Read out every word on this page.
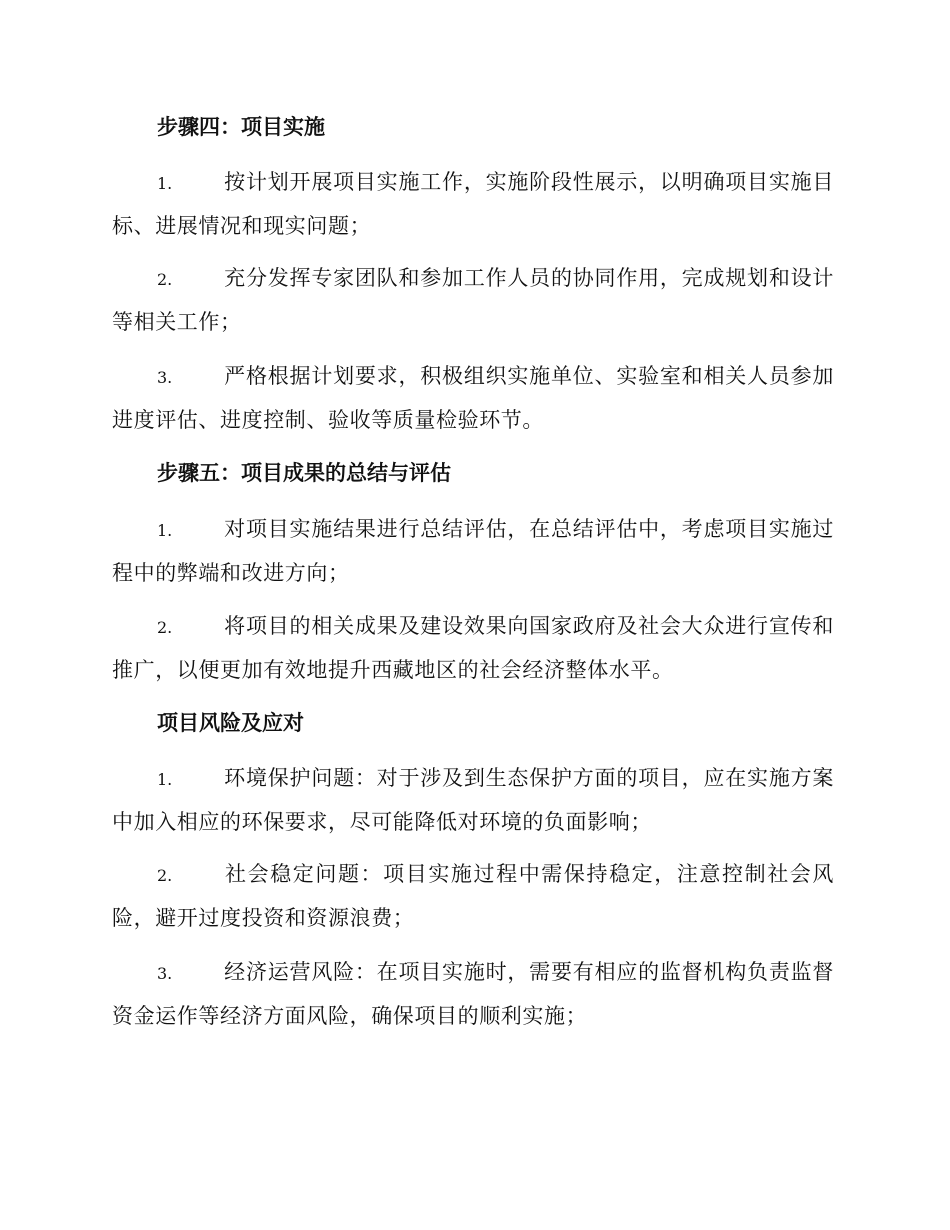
步骤四：项目实施
1. 按计划开展项目实施工作，实施阶段性展示，以明确项目实施目标、进展情况和现实问题；
2. 充分发挥专家团队和参加工作人员的协同作用，完成规划和设计等相关工作；
3. 严格根据计划要求，积极组织实施单位、实验室和相关人员参加进度评估、进度控制、验收等质量检验环节。
步骤五：项目成果的总结与评估
1. 对项目实施结果进行总结评估，在总结评估中，考虑项目实施过程中的弊端和改进方向；
2. 将项目的相关成果及建设效果向国家政府及社会大众进行宣传和推广，以便更加有效地提升西藏地区的社会经济整体水平。
项目风险及应对
1. 环境保护问题：对于涉及到生态保护方面的项目，应在实施方案中加入相应的环保要求，尽可能降低对环境的负面影响；
2. 社会稳定问题：项目实施过程中需保持稳定，注意控制社会风险，避开过度投资和资源浪费；
3. 经济运营风险：在项目实施时，需要有相应的监督机构负责监督资金运作等经济方面风险，确保项目的顺利实施；
